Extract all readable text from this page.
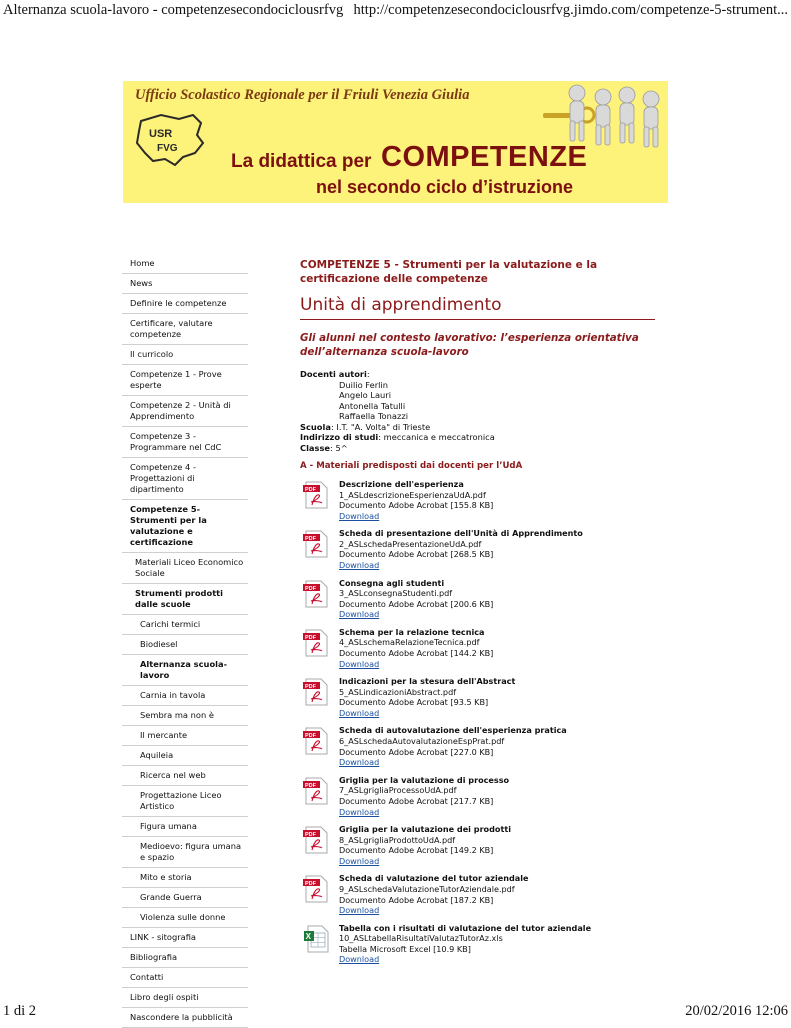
Alternanza scuola-lavoro - competenzesecondociclousrfvg http://competenzesecondociclousrfvg.jimdo.com/competenze-5-strument...
Ufficio Scolastico Regionale per il Friuli Venezia Giulia
USR
FVG
La didattica per COMPETENZE
nel secondo ciclo d’istruzione
Home
News
Definire le competenze
Certificare, valutare competenze
Il curricolo
Competenze 1 - Prove esperte
Competenze 2 - Unità di Apprendimento
Competenze 3 - Programmare nel CdC
Competenze 4 - Progettazioni di dipartimento
Competenze 5- Strumenti per la valutazione e certificazione
Materiali Liceo Economico Sociale
Strumenti prodotti dalle scuole
Carichi termici
Biodiesel
Alternanza scuola-lavoro
Carnia in tavola
Sembra ma non è
Il mercante
Aquileia
Ricerca nel web
Progettazione Liceo Artistico
Figura umana
Medioevo: figura umana e spazio
Mito e storia
Grande Guerra
Violenza sulle donne
LINK - sitografia
Bibliografia
Contatti
Libro degli ospiti
Nascondere la pubblicità
COMPETENZE 5 - Strumenti per la valutazione e la certificazione delle competenze
Unità di apprendimento
Gli alunni nel contesto lavorativo: l’esperienza orientativa dell’alternanza scuola-lavoro
Docenti autori:
Duilio Ferlin
Angelo Lauri
Antonella Tatulli
Raffaella Tonazzi
Scuola: I.T. "A. Volta" di Trieste
Indirizzo di studi: meccanica e meccatronica
Classe: 5^
A - Materiali predisposti dai docenti per l’UdA
PDF
Descrizione dell'esperienza
1_ASLdescrizioneEsperienzaUdA.pdf
Documento Adobe Acrobat [155.8 KB]
Download
PDF
Scheda di presentazione dell'Unità di Apprendimento
2_ASLschedaPresentazioneUdA.pdf
Documento Adobe Acrobat [268.5 KB]
Download
PDF
Consegna agli studenti
3_ASLconsegnaStudenti.pdf
Documento Adobe Acrobat [200.6 KB]
Download
PDF
Schema per la relazione tecnica
4_ASLschemaRelazioneTecnica.pdf
Documento Adobe Acrobat [144.2 KB]
Download
PDF
Indicazioni per la stesura dell'Abstract
5_ASLindicazioniAbstract.pdf
Documento Adobe Acrobat [93.5 KB]
Download
PDF
Scheda di autovalutazione dell'esperienza pratica
6_ASLschedaAutovalutazioneEspPrat.pdf
Documento Adobe Acrobat [227.0 KB]
Download
PDF
Griglia per la valutazione di processo
7_ASLgrigliaProcessoUdA.pdf
Documento Adobe Acrobat [217.7 KB]
Download
PDF
Griglia per la valutazione dei prodotti
8_ASLgrigliaProdottoUdA.pdf
Documento Adobe Acrobat [149.2 KB]
Download
PDF
Scheda di valutazione del tutor aziendale
9_ASLschedaValutazioneTutorAziendale.pdf
Documento Adobe Acrobat [187.2 KB]
Download
X
Tabella con i risultati di valutazione del tutor aziendale
10_ASLtabellaRisultatiValutazTutorAz.xls
Tabella Microsoft Excel [10.9 KB]
Download
1 di 2	20/02/2016 12:06
